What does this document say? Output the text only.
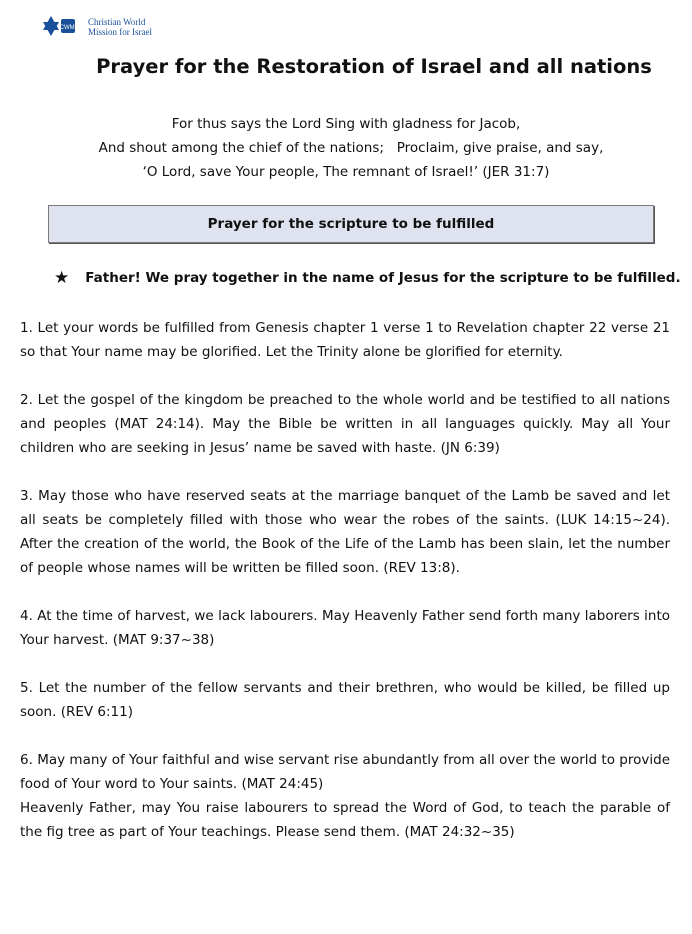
CWMI
Christian World
Mission for Israel
Prayer for the Restoration of Israel and all nations
For thus says the Lord Sing with gladness for Jacob,
And shout among the chief of the nations;   Proclaim, give praise, and say,
‘O Lord, save Your people, The remnant of Israel!’ (JER 31:7)
Prayer for the scripture to be fulfilled
★ Father! We pray together in the name of Jesus for the scripture to be fulfilled.
1. Let your words be fulfilled from Genesis chapter 1 verse 1 to Revelation chapter 22 verse 21 so that Your name may be glorified. Let the Trinity alone be glorified for eternity.
2. Let the gospel of the kingdom be preached to the whole world and be testified to all nations and peoples (MAT 24:14). May the Bible be written in all languages quickly. May all Your children who are seeking in Jesus’ name be saved with haste. (JN 6:39)
3. May those who have reserved seats at the marriage banquet of the Lamb be saved and let all seats be completely filled with those who wear the robes of the saints. (LUK 14:15~24). After the creation of the world, the Book of the Life of the Lamb has been slain, let the number of people whose names will be written be filled soon. (REV 13:8).
4. At the time of harvest, we lack labourers. May Heavenly Father send forth many laborers into Your harvest. (MAT 9:37~38)
5. Let the number of the fellow servants and their brethren, who would be killed, be filled up soon. (REV 6:11)

6. May many of Your faithful and wise servant rise abundantly from all over the world to provide food of Your word to Your saints. (MAT 24:45)

Heavenly Father, may You raise labourers to spread the Word of God, to teach the parable of the fig tree as part of Your teachings. Please send them. (MAT 24:32~35)
